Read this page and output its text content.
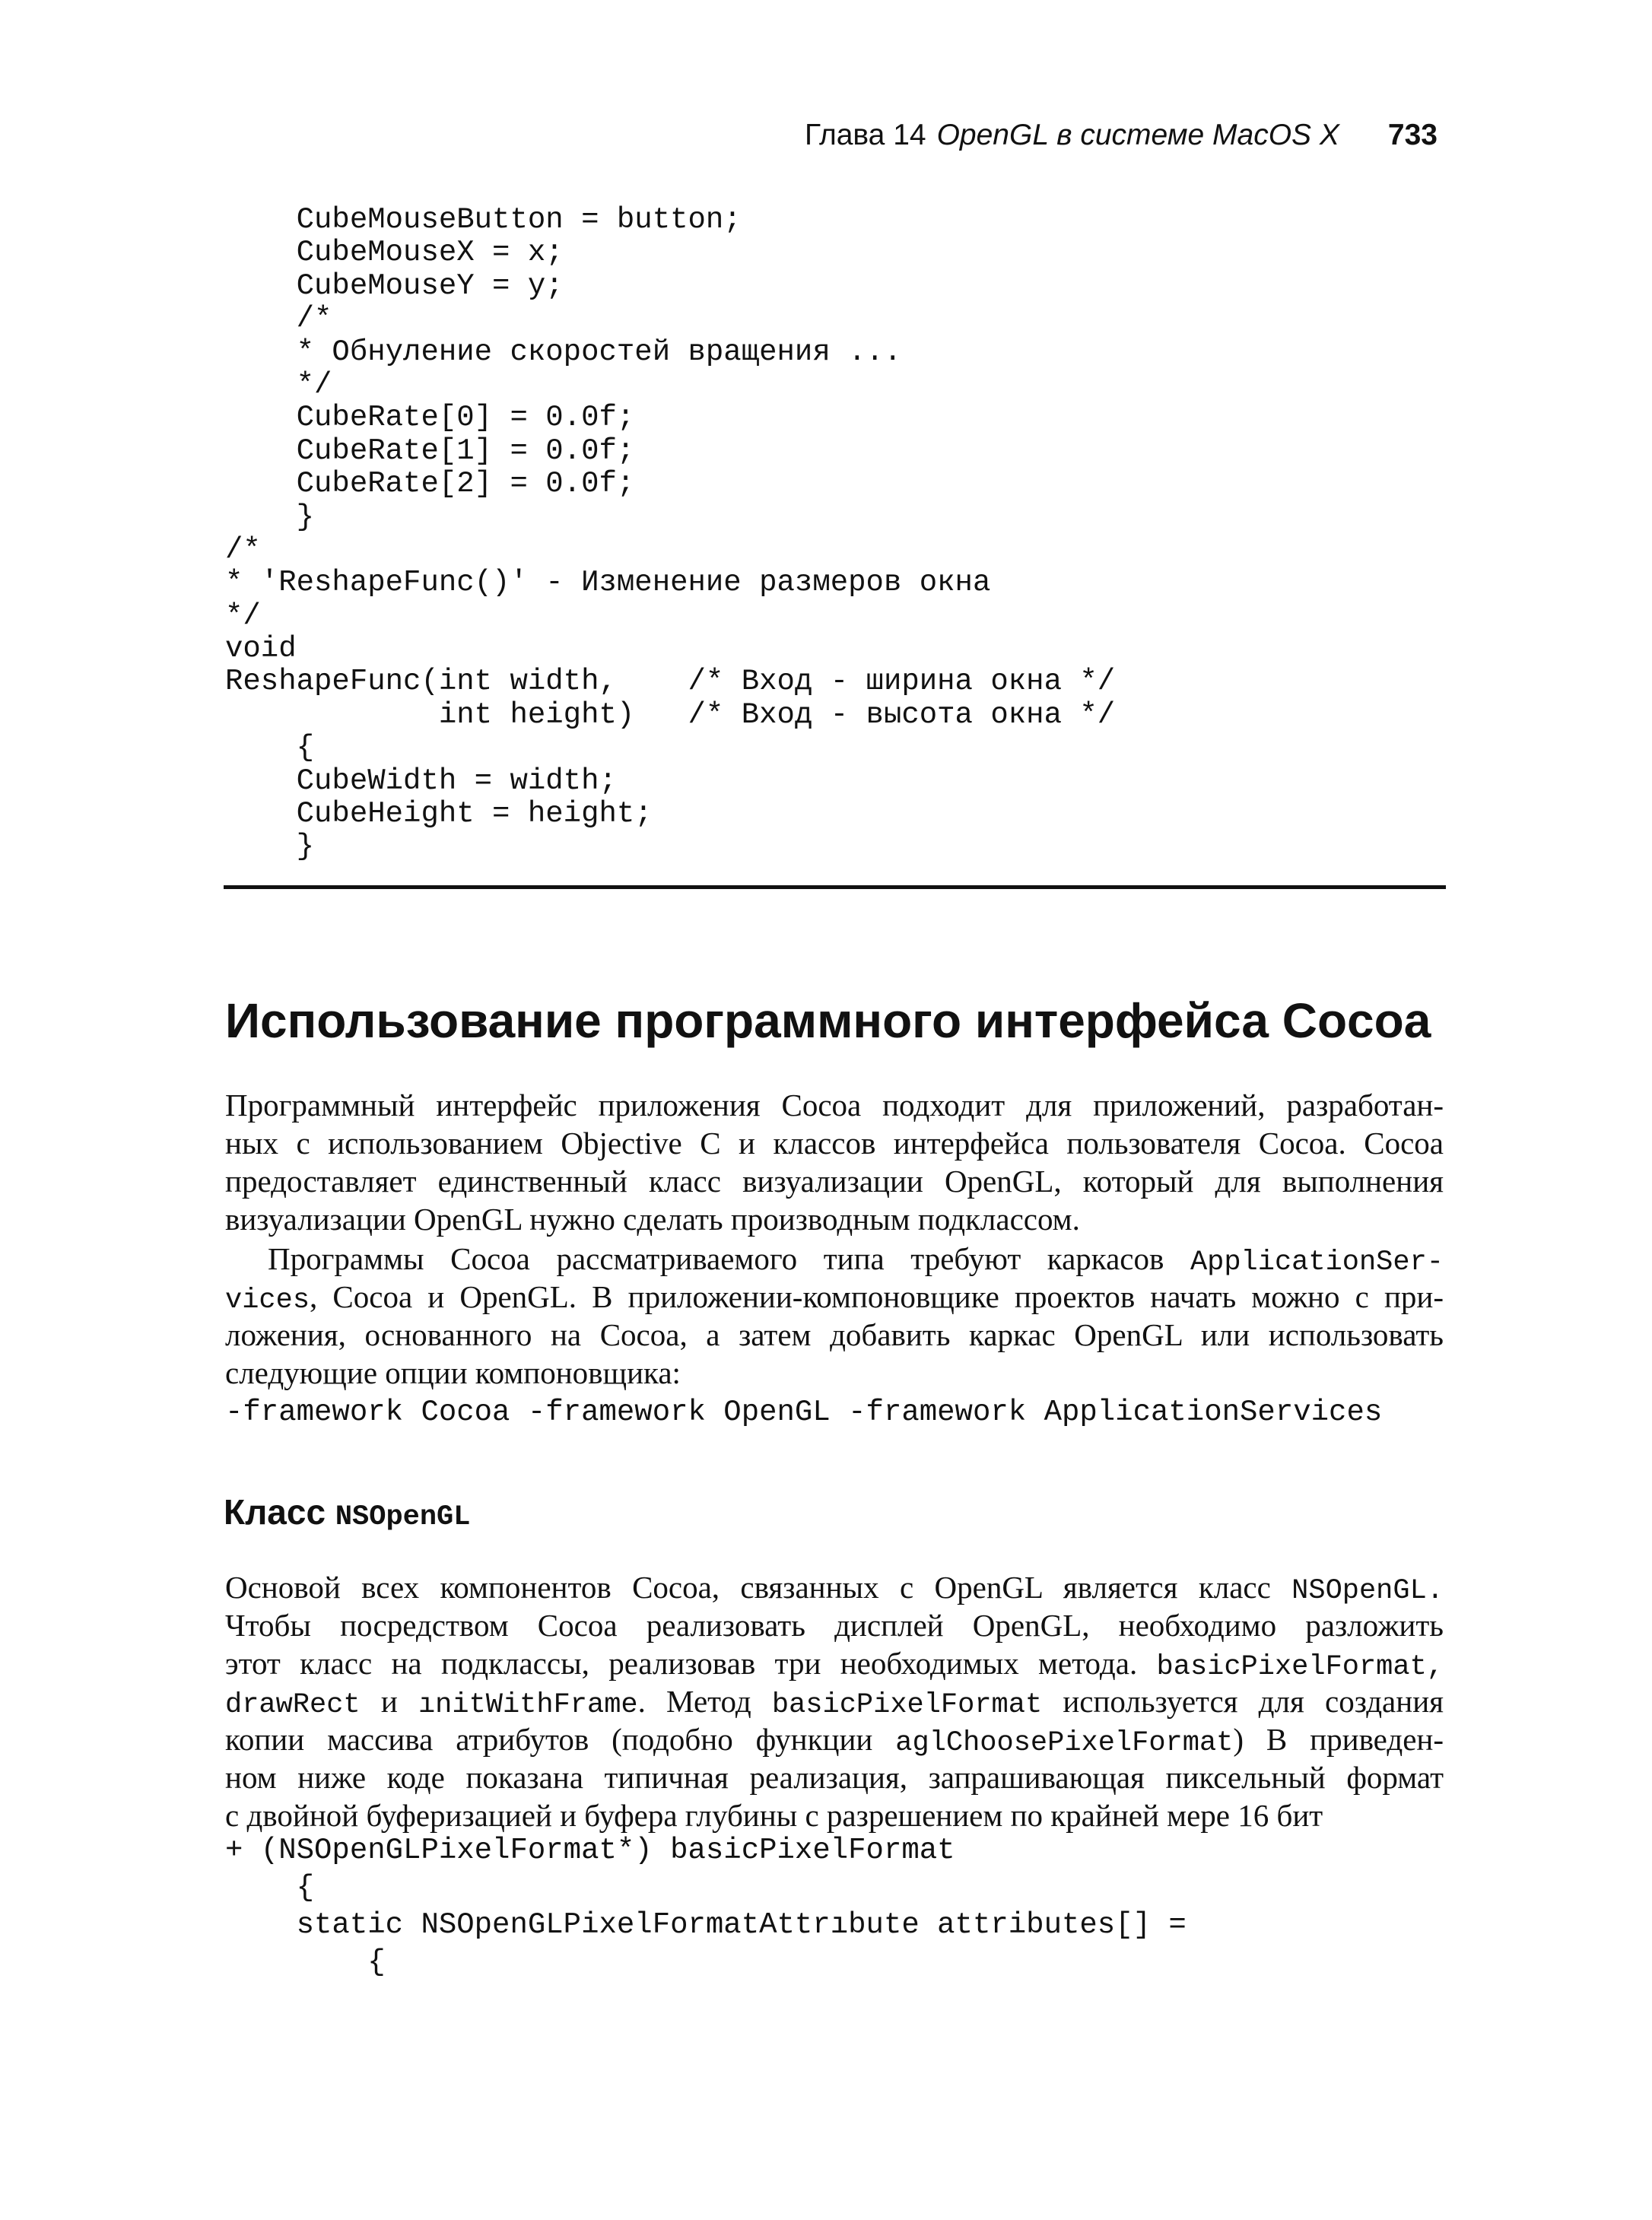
Глава 14 OpenGL в системе MacOS X 733
CubeMouseButton = button;
CubeMouseX = x;
CubeMouseY = y;
/*
* Обнуление скоростей вращения ...
*/
CubeRate[0] = 0.0f;
CubeRate[1] = 0.0f;
CubeRate[2] = 0.0f;
}
/*
* 'ReshapeFunc()' - Изменение размеров окна
*/
void
ReshapeFunc(int width,    /* Вход - ширина окна */
int height)   /* Вход - высота окна */
{
CubeWidth = width;
CubeHeight = height;
}
Использование программного интерфейса Cocoa
Программный интерфейс приложения Cocoa подходит для приложений, разработан-
ных с использованием Objectіve C и классов интерфейса пользователя Cocoa. Cocoa
предоставляет единственный класс визуализации OpenGL, который для выполнения
визуализации OpenGL нужно сделать производным подклассом.
Программы Cocoa рассматриваемого типа требуют каркасов ApplicationSer-
vices, Cocoa и OpenGL. В приложении-компоновщике проектов начать можно с при-
ложения, основанного на Cocoa, а затем добавить каркас OpenGL или использовать
следующие опции компоновщика:
-framework Cocoa -framework OpenGL -framework ApplicationServices
Класс NSOpenGL
Основой всех компонентов Cocoa, связанных с OpenGL является класс NSOpenGL.
Чтобы посредством Cocoa реализовать дисплей OpenGL, необходимо разложить
этот класс на подклассы, реализовав три необходимых метода. basicPixelFormat,
drawRect и ınitWithFrame. Метод basicPixelFormat используется для создания
копии массива атрибутов (подобно функции aglChoosePixelFormat) В приведен-
ном ниже коде показана типичная реализация, запрашивающая пиксельный формат
с двойной буферизацией и буфера глубины с разрешением по крайней мере 16 бит
+ (NSOpenGLPixelFormat*) basicPixelFormat
{
static NSOpenGLPixelFormatAttrıbute attributes[] =
{
